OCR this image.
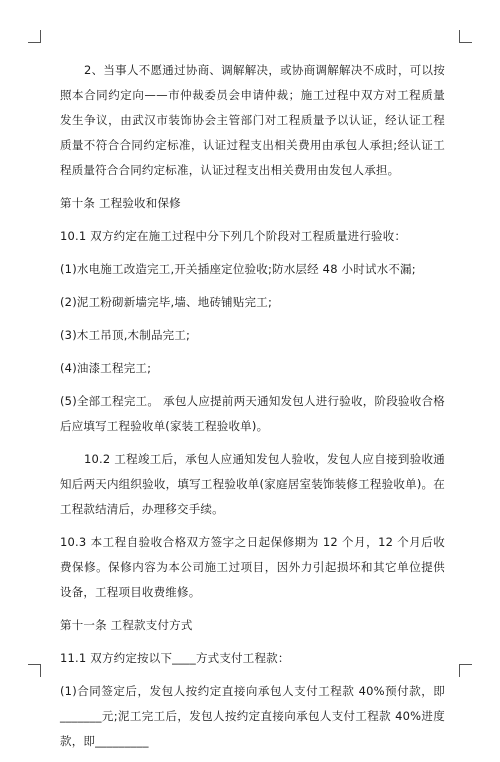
2、当事人不愿通过协商、调解解决，或协商调解解决不成时，可以按照本合同约定向——市仲裁委员会申请仲裁；施工过程中双方对工程质量发生争议，由武汉市装饰协会主管部门对工程质量予以认证，经认证工程质量不符合合同约定标准，认证过程支出相关费用由承包人承担;经认证工程质量符合合同约定标准，认证过程支出相关费用由发包人承担。

第十条 工程验收和保修

10.1 双方约定在施工过程中分下列几个阶段对工程质量进行验收：

(1)水电施工改造完工,开关插座定位验收;防水层经 48 小时试水不漏;

(2)泥工粉砌新墙完毕,墙、地砖铺贴完工;

(3)木工吊顶,木制品完工;

(4)油漆工程完工;

(5)全部工程完工。 承包人应提前两天通知发包人进行验收，阶段验收合格后应填写工程验收单(家装工程验收单)。

10.2 工程竣工后，承包人应通知发包人验收，发包人应自接到验收通知后两天内组织验收，填写工程验收单(家庭居室装饰装修工程验收单)。在工程款结清后，办理移交手续。

10.3 本工程自验收合格双方签字之日起保修期为 12 个月，12 个月后收费保修。保修内容为本公司施工过项目，因外力引起损坏和其它单位提供设备，工程项目收费维修。

第十一条 工程款支付方式

11.1 双方约定按以下____方式支付工程款：

(1)合同签定后，发包人按约定直接向承包人支付工程款 40%预付款，即_______元;泥工完工后，发包人按约定直接向承包人支付工程款 40%进度款，即_________
